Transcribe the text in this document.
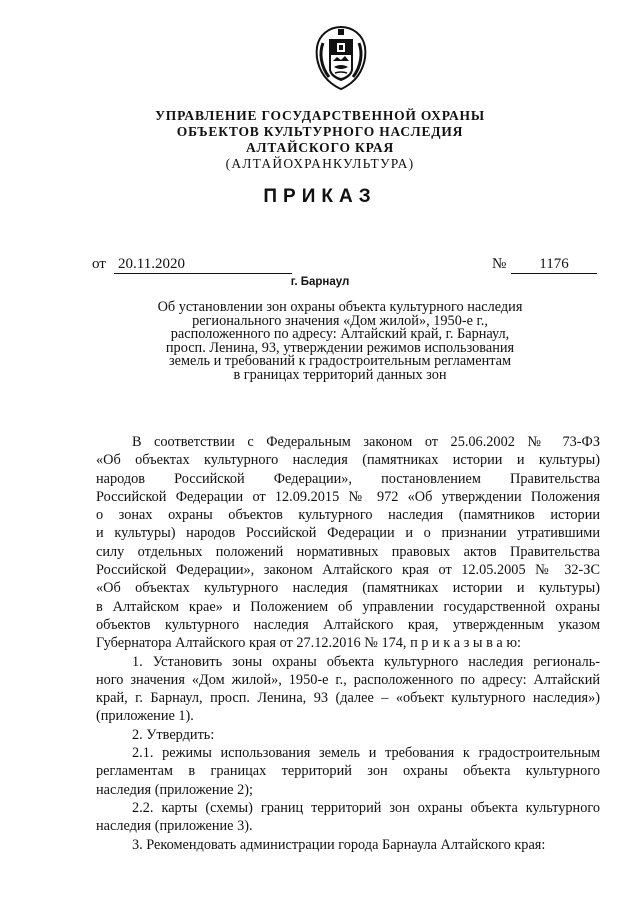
УПРАВЛЕНИЕ ГОСУДАРСТВЕННОЙ ОХРАНЫ
ОБЪЕКТОВ КУЛЬТУРНОГО НАСЛЕДИЯ
АЛТАЙСКОГО КРАЯ
(АЛТАЙОХРАНКУЛЬТУРА)
ПРИКАЗ
от 20.11.2020	№	1176
г. Барнаул
Об установлении зон охраны объекта культурного наследия
регионального значения «Дом жилой», 1950-е г.,
расположенного по адресу: Алтайский край, г. Барнаул,
просп. Ленина, 93, утверждении режимов использования
земель и требований к градостроительным регламентам
в границах территорий данных зон
В соответствии с Федеральным законом от 25.06.2002 № 73-ФЗ
«Об объектах культурного наследия (памятниках истории и культуры)
народов Российской Федерации», постановлением Правительства
Российской Федерации от 12.09.2015 № 972 «Об утверждении Положения
о зонах охраны объектов культурного наследия (памятников истории
и культуры) народов Российской Федерации и о признании утратившими
силу отдельных положений нормативных правовых актов Правительства
Российской Федерации», законом Алтайского края от 12.05.2005 № 32-ЗС
«Об объектах культурного наследия (памятниках истории и культуры)
в Алтайском крае» и Положением об управлении государственной охраны
объектов культурного наследия Алтайского края, утвержденным указом
Губернатора Алтайского края от 27.12.2016 № 174, п р и к а з ы в а ю:
1. Установить зоны охраны объекта культурного наследия региональ-
ного значения «Дом жилой», 1950-е г., расположенного по адресу: Алтайский
край, г. Барнаул, просп. Ленина, 93 (далее – «объект культурного наследия»)
(приложение 1).
2. Утвердить:
2.1. режимы использования земель и требования к градостроительным
регламентам в границах территорий зон охраны объекта культурного
наследия (приложение 2);
2.2. карты (схемы) границ территорий зон охраны объекта культурного
наследия (приложение 3).
3. Рекомендовать администрации города Барнаула Алтайского края:
